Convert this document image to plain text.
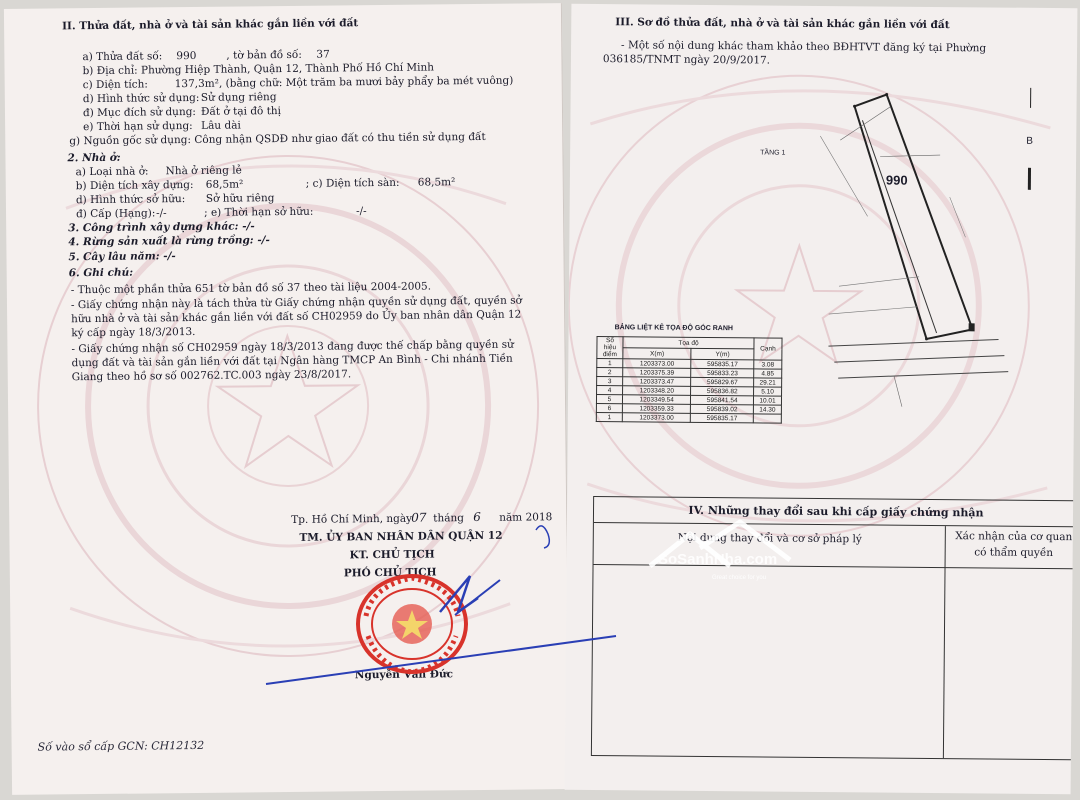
II. Thửa đất, nhà ở và tài sản khác gắn liền với đất
a) Thửa đất số: 990	, tờ bản đồ số: 37
b) Địa chỉ: Phường Hiệp Thành, Quận 12, Thành Phố Hồ Chí Minh
c) Diện tích:	137,3m², (bằng chữ: Một trăm ba mươi bảy phẩy ba mét vuông)
d) Hình thức sử dụng: Sử dụng riêng
đ) Mục đích sử dụng: Đất ở tại đô thị
e) Thời hạn sử dụng: Lâu dài
g) Nguồn gốc sử dụng: Công nhận QSDĐ như giao đất có thu tiền sử dụng đất
2. Nhà ở:
a) Loại nhà ở: Nhà ở riêng lẻ
b) Diện tích xây dựng: 68,5m²	; c) Diện tích sàn: 68,5m²
d) Hình thức sở hữu: Sở hữu riêng
đ) Cấp (Hạng): -/-	; e) Thời hạn sở hữu:	-/-
3. Công trình xây dựng khác: -/-
4. Rừng sản xuất là rừng trồng: -/-
5. Cây lâu năm: -/-
6. Ghi chú:
- Thuộc một phần thửa 651 tờ bản đồ số 37 theo tài liệu 2004-2005.
- Giấy chứng nhận này là tách thửa từ Giấy chứng nhận quyền sử dụng đất, quyền sở hữu nhà ở và tài sản khác gắn liền với đất số CH02959 do Ủy ban nhân dân Quận 12 ký cấp ngày 18/3/2013.
- Giấy chứng nhận số CH02959 ngày 18/3/2013 đang được thế chấp bằng quyền sử dụng đất và tài sản gắn liền với đất tại Ngân hàng TMCP An Bình - Chi nhánh Tiền Giang theo hồ sơ số 002762.TC.003 ngày 23/8/2017.
Tp. Hồ Chí Minh, ngày 07 tháng 6 năm 2018
TM. ỦY BAN NHÂN DÂN QUẬN 12
KT. CHỦ TỊCH
PHÓ CHỦ TỊCH
Nguyễn Văn Đức
Số vào sổ cấp GCN: CH12132
III. Sơ đồ thửa đất, nhà ở và tài sản khác gắn liền với đất
- Một số nội dung khác tham khảo theo BĐHTVT đăng ký tại Phường
036185/TNMT ngày 20/9/2017.
990
TẦNG 1
B
BẢNG LIỆT KÊ TỌA ĐỘ GÓC RANH
Số hiệu điểm	Tọa độ		Cạnh
	X(m)	Y(m)	
1	1203373.00	595835.17	3.08
2	1203375.39	595833.23	4.85
3	1203373.47	595829.67	29.21
4	1203348.20	595836.82	5.10
5	1203349.54	595841.54	10.01
6	1203359.33	595839.02	14.30
1	1203373.00	595835.17	
IV. Những thay đổi sau khi cấp giấy chứng nhận
Nội dung thay đổi và cơ sở pháp lý	Xác nhận của cơ quan có thẩm quyền
SoSanhNha.com
Great choice for you
